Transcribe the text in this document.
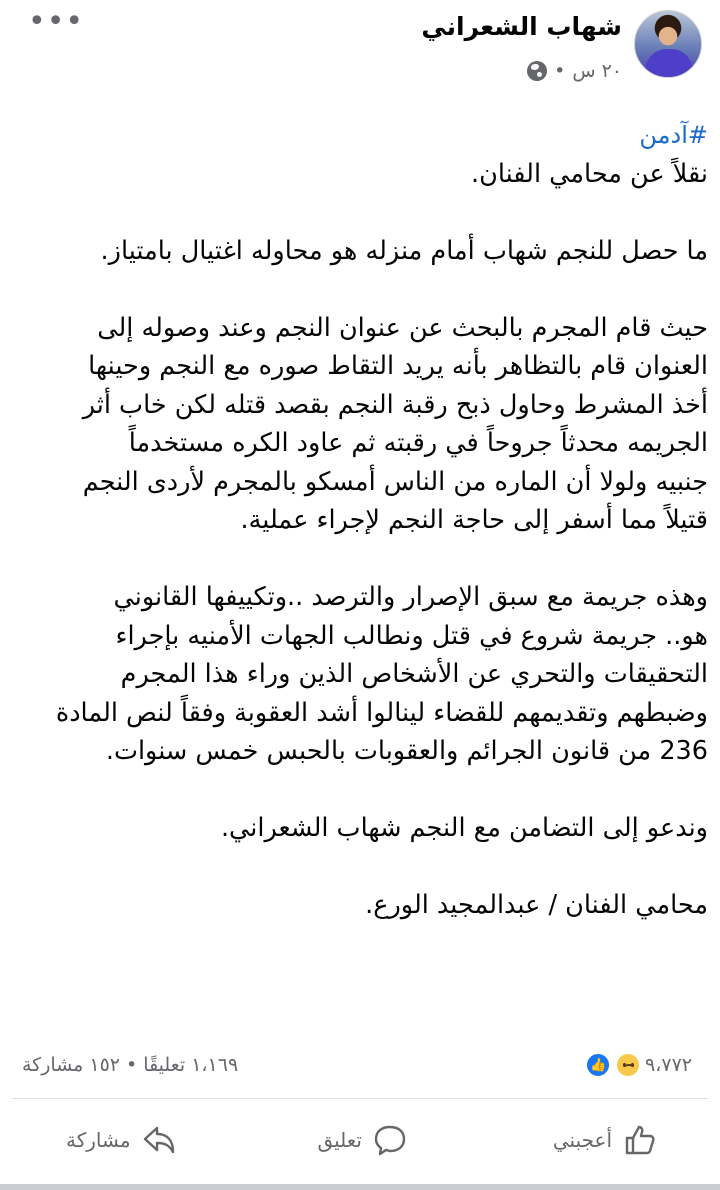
شهاب الشعراني
٢٠ س
•
•••

#آدمن

نقلاً عن محامي الفنان.

ما حصل للنجم شهاب أمام منزله هو محاوله اغتيال بامتياز.

حيث قام المجرم بالبحث عن عنوان النجم وعند وصوله إلى

العنوان قام بالتظاهر بأنه يريد التقاط صوره مع النجم وحينها

أخذ المشرط وحاول ذبح رقبة النجم بقصد قتله لكن خاب أثر

الجريمه محدثاً جروحاً في رقبته ثم عاود الكره مستخدماً

جنبيه ولولا أن الماره من الناس أمسكو بالمجرم لأردى النجم

قتيلاً مما أسفر إلى حاجة النجم لإجراء عملية.

وهذه جريمة مع سبق الإصرار والترصد ..وتكييفها القانوني

هو.. جريمة شروع في قتل ونطالب الجهات الأمنيه بإجراء

التحقيقات والتحري عن الأشخاص الذين وراء هذا المجرم

وضبطهم وتقديمهم للقضاء لينالوا أشد العقوبة وفقاً لنص المادة

236 من قانون الجرائم والعقوبات بالحبس خمس سنوات.

وندعو إلى التضامن مع النجم شهاب الشعراني.

محامي الفنان / عبدالمجيد الورع.

👍 ٩،٧٧٢
١،١٦٩ تعليقًا • ١٥٢ مشاركة
أعجبني
تعليق
مشاركة
